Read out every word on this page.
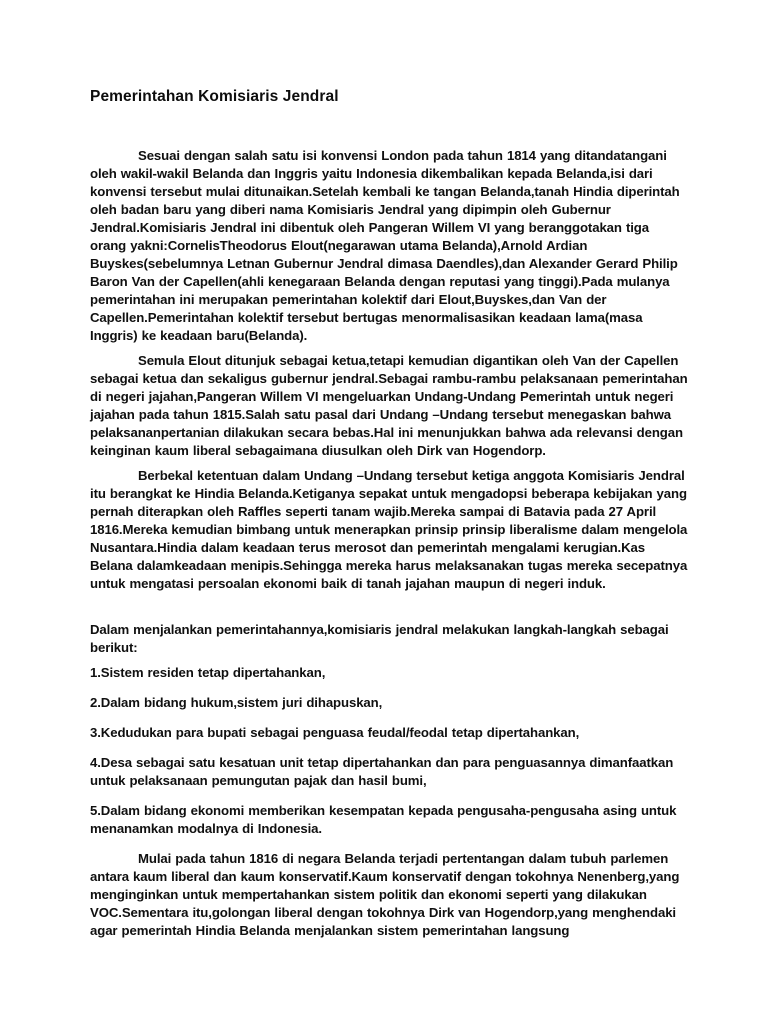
Pemerintahan Komisiaris Jendral

Sesuai dengan salah satu isi konvensi London pada tahun 1814 yang ditandatangani oleh wakil-wakil Belanda dan Inggris yaitu Indonesia dikembalikan kepada Belanda,isi dari konvensi tersebut mulai ditunaikan.Setelah kembali ke tangan Belanda,tanah Hindia diperintah oleh badan baru yang diberi nama Komisiaris Jendral yang dipimpin oleh Gubernur Jendral.Komisiaris Jendral ini dibentuk oleh Pangeran Willem VI yang beranggotakan tiga orang yakni:CornelisTheodorus Elout(negarawan utama Belanda),Arnold Ardian Buyskes(sebelumnya Letnan Gubernur Jendral dimasa Daendles),dan Alexander Gerard Philip Baron Van der Capellen(ahli kenegaraan Belanda dengan reputasi yang tinggi).Pada mulanya pemerintahan ini merupakan pemerintahan kolektif dari Elout,Buyskes,dan Van der Capellen.Pemerintahan kolektif tersebut bertugas menormalisasikan keadaan lama(masa Inggris) ke keadaan baru(Belanda).

Semula Elout ditunjuk sebagai ketua,tetapi kemudian digantikan oleh Van der Capellen sebagai ketua dan sekaligus gubernur jendral.Sebagai rambu-rambu pelaksanaan pemerintahan di negeri jajahan,Pangeran Willem VI mengeluarkan Undang-Undang Pemerintah untuk negeri jajahan pada tahun 1815.Salah satu pasal dari Undang –Undang tersebut menegaskan bahwa pelaksananpertanian dilakukan secara bebas.Hal ini menunjukkan bahwa ada relevansi dengan keinginan kaum liberal sebagaimana diusulkan oleh Dirk van Hogendorp.

Berbekal ketentuan dalam Undang –Undang tersebut ketiga anggota Komisiaris Jendral itu berangkat ke Hindia Belanda.Ketiganya sepakat untuk mengadopsi beberapa kebijakan yang pernah diterapkan oleh Raffles seperti tanam wajib.Mereka sampai di Batavia pada 27 April 1816.Mereka kemudian bimbang untuk menerapkan prinsip prinsip liberalisme dalam mengelola Nusantara.Hindia dalam keadaan terus merosot dan pemerintah mengalami kerugian.Kas Belana dalamkeadaan menipis.Sehingga mereka harus melaksanakan tugas mereka secepatnya untuk mengatasi persoalan ekonomi baik di tanah jajahan maupun di negeri induk.

Dalam menjalankan pemerintahannya,komisiaris jendral melakukan langkah-langkah sebagai berikut:

1.Sistem residen tetap dipertahankan,

2.Dalam bidang hukum,sistem juri dihapuskan,

3.Kedudukan para bupati sebagai penguasa feudal/feodal tetap dipertahankan,

4.Desa sebagai satu kesatuan unit tetap dipertahankan dan para penguasannya dimanfaatkan untuk pelaksanaan pemungutan pajak dan hasil bumi,

5.Dalam bidang ekonomi memberikan kesempatan kepada pengusaha-pengusaha asing untuk menanamkan modalnya di Indonesia.

Mulai pada tahun 1816 di negara Belanda terjadi pertentangan dalam tubuh parlemen antara kaum liberal dan kaum konservatif.Kaum konservatif dengan tokohnya Nenenberg,yang menginginkan untuk mempertahankan sistem politik dan ekonomi seperti yang dilakukan VOC.Sementara itu,golongan liberal dengan tokohnya Dirk van Hogendorp,yang menghendaki agar pemerintah Hindia Belanda menjalankan sistem pemerintahan langsung
